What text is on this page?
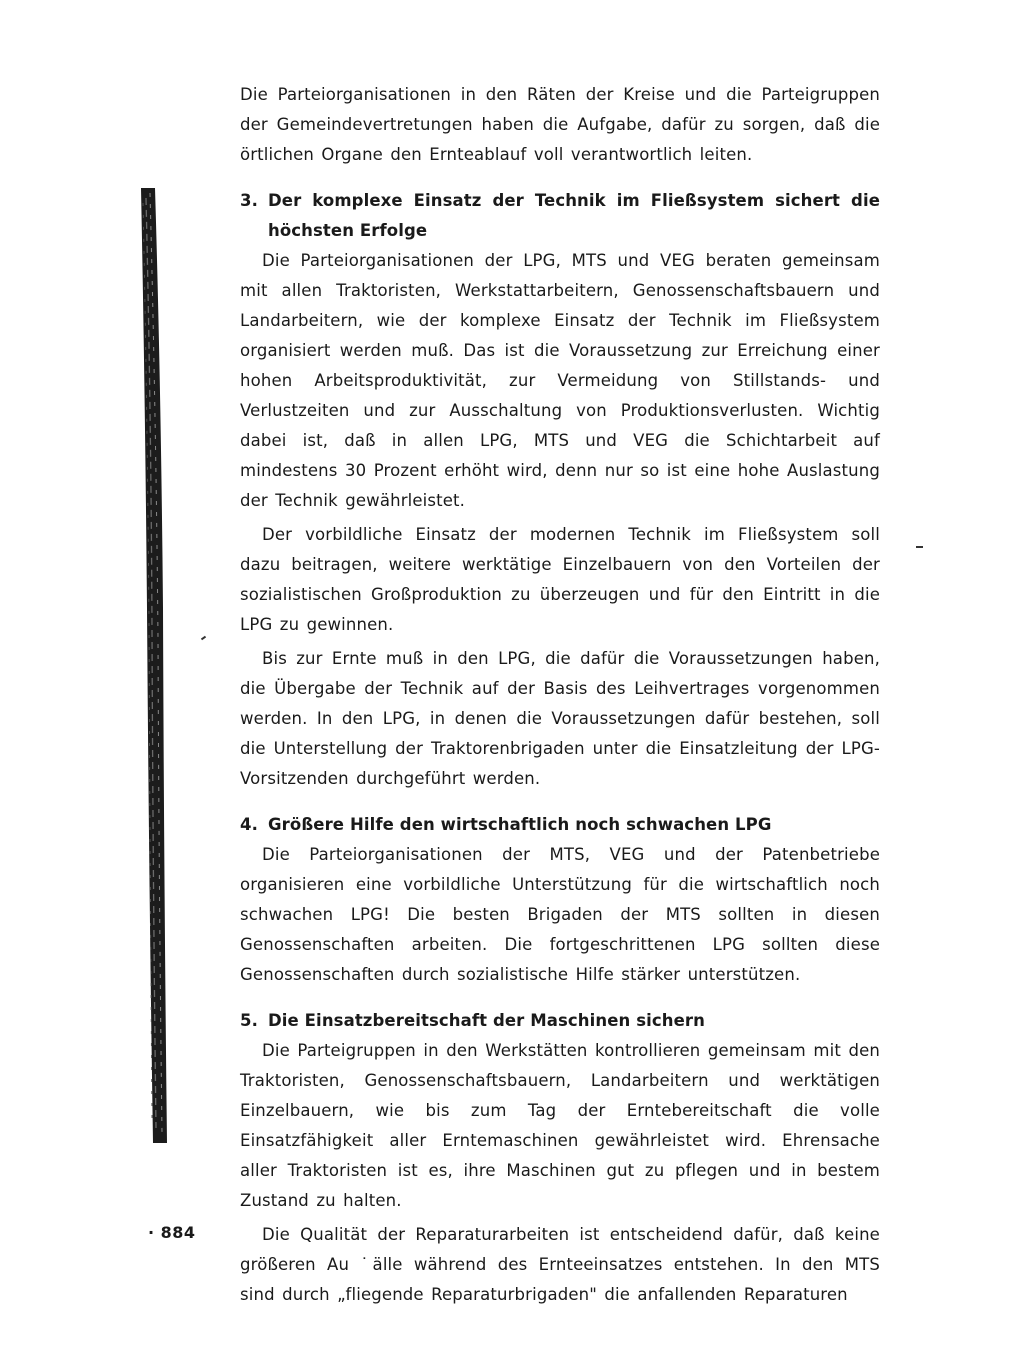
Die Parteiorganisationen in den Räten der Kreise und die Parteigruppen der Gemeindevertretungen haben die Aufgabe, dafür zu sorgen, daß die örtlichen Organe den Ernteablauf voll verantwortlich leiten.

3. Der komplexe Einsatz der Technik im Fließsystem sichert die höchsten Erfolge

Die Parteiorganisationen der LPG, MTS und VEG beraten gemeinsam mit allen Traktoristen, Werkstattarbeitern, Genossenschaftsbauern und Landarbeitern, wie der komplexe Einsatz der Technik im Fließsystem organisiert werden muß. Das ist die Voraussetzung zur Erreichung einer hohen Arbeitsproduktivität, zur Vermeidung von Stillstands- und Verlustzeiten und zur Ausschaltung von Produktionsverlusten. Wichtig dabei ist, daß in allen LPG, MTS und VEG die Schichtarbeit auf mindestens 30 Prozent erhöht wird, denn nur so ist eine hohe Auslastung der Technik gewährleistet.

Der vorbildliche Einsatz der modernen Technik im Fließsystem soll dazu beitragen, weitere werktätige Einzelbauern von den Vorteilen der sozialistischen Großproduktion zu überzeugen und für den Eintritt in die LPG zu gewinnen.

Bis zur Ernte muß in den LPG, die dafür die Voraussetzungen haben, die Übergabe der Technik auf der Basis des Leihvertrages vorgenommen werden. In den LPG, in denen die Voraussetzungen dafür bestehen, soll die Unterstellung der Traktorenbrigaden unter die Einsatzleitung der LPG-Vorsitzenden durchgeführt werden.

4. Größere Hilfe den wirtschaftlich noch schwachen LPG

Die Parteiorganisationen der MTS, VEG und der Patenbetriebe organisieren eine vorbildliche Unterstützung für die wirtschaftlich noch schwachen LPG! Die besten Brigaden der MTS sollten in diesen Genossenschaften arbeiten. Die fortgeschrittenen LPG sollten diese Genossenschaften durch sozialistische Hilfe stärker unterstützen.

5. Die Einsatzbereitschaft der Maschinen sichern

Die Parteigruppen in den Werkstätten kontrollieren gemeinsam mit den Traktoristen, Genossenschaftsbauern, Landarbeitern und werktätigen Einzelbauern, wie bis zum Tag der Erntebereitschaft die volle Einsatzfähigkeit aller Erntemaschinen gewährleistet wird. Ehrensache aller Traktoristen ist es, ihre Maschinen gut zu pflegen und in bestem Zustand zu halten.

Die Qualität der Reparaturarbeiten ist entscheidend dafür, daß keine größeren Au ˙älle während des Ernteeinsatzes entstehen. In den MTS sind durch „fliegende Reparaturbrigaden" die anfallenden Reparaturen

· 884
